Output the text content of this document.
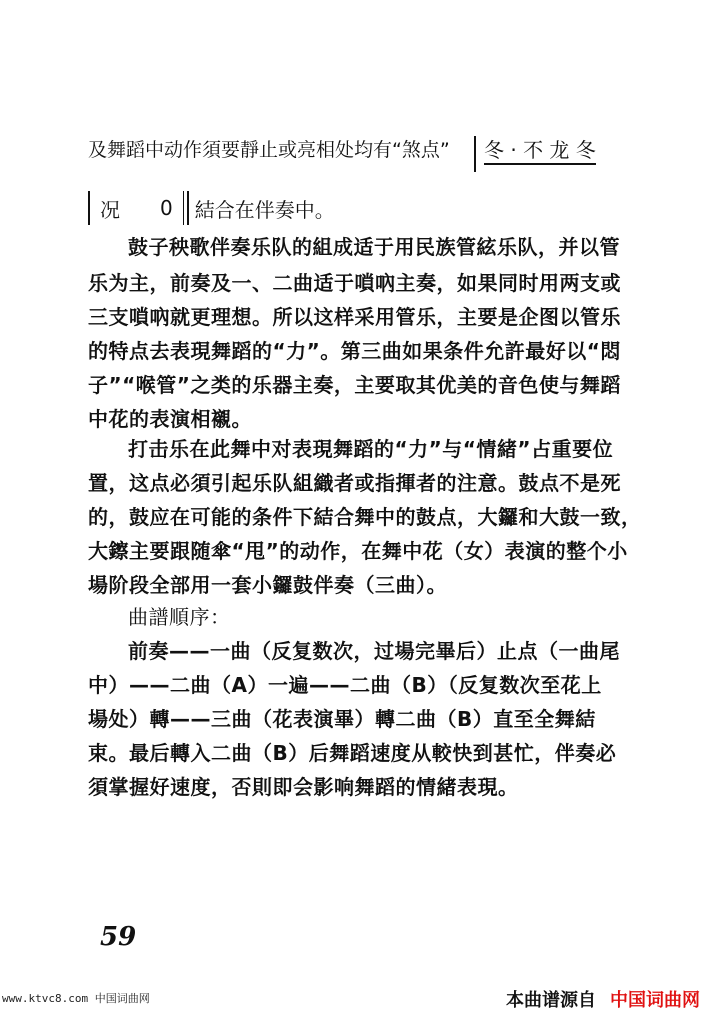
及舞蹈中动作須要靜止或亮相处均有“煞点”	冬 · 不 龙 冬
况 0 結合在伴奏中。
鼓子秧歌伴奏乐队的組成适于用民族管絃乐队，并以管
乐为主，前奏及一、二曲适于嗩吶主奏，如果同时用两支或
三支嗩吶就更理想。所以这样采用管乐，主要是企图以管乐
的特点去表現舞蹈的“力”。第三曲如果条件允許最好以“悶
子”“喉管”之类的乐器主奏，主要取其优美的音色使与舞蹈
中花的表演相襯。
打击乐在此舞中对表現舞蹈的“力”与“情緒”占重要位
置，这点必須引起乐队組織者或指揮者的注意。鼓点不是死
的，鼓应在可能的条件下結合舞中的鼓点，大鑼和大鼓一致，
大鑔主要跟随傘“甩”的动作，在舞中花（女）表演的整个小
場阶段全部用一套小鑼鼓伴奏（三曲）。
曲譜順序：
前奏——一曲（反复数次，过場完畢后）止点（一曲尾
中）——二曲（A）一遍——二曲（B）（反复数次至花上
場处）轉——三曲（花表演畢）轉二曲（B）直至全舞結
束。最后轉入二曲（B）后舞蹈速度从較快到甚忙，伴奏必
須掌握好速度，否則即会影响舞蹈的情緒表現。
59
www.ktvc8.com 中国词曲网	本曲谱源自 中国词曲网
